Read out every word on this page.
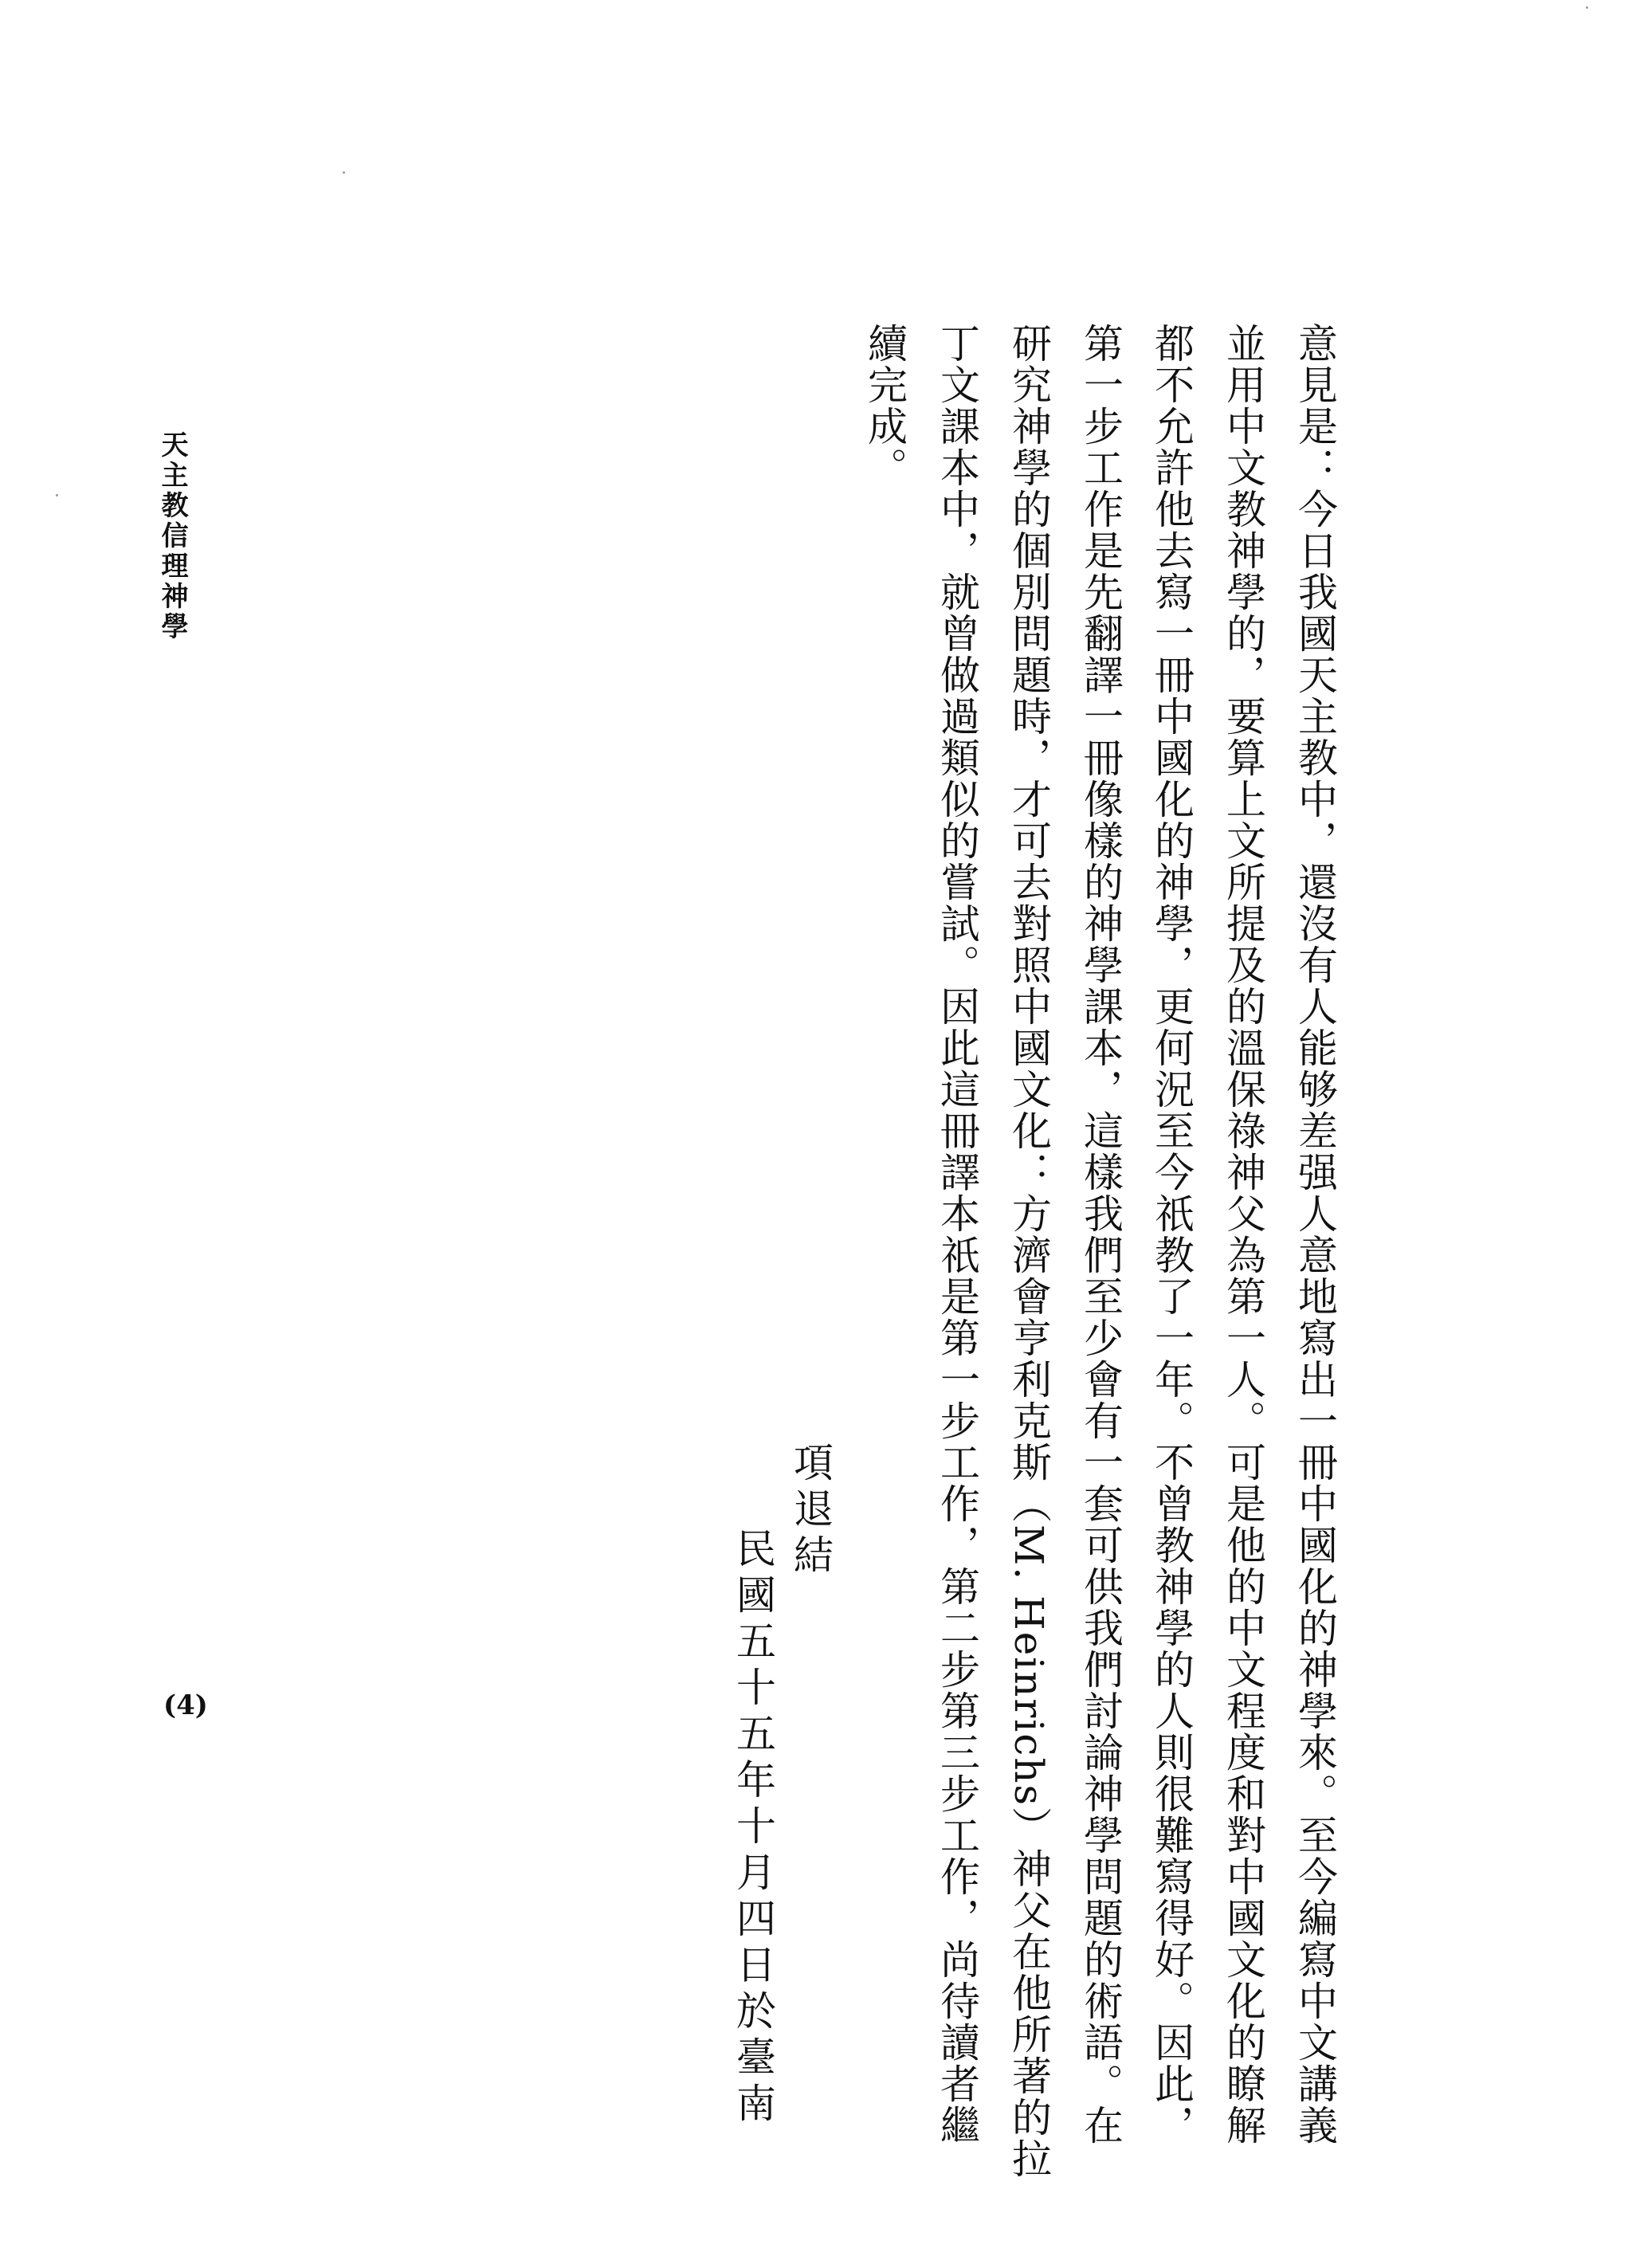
天主教信理神學
(4)	意見是：今日我國天主教中，還沒有人能够差强人意地寫出一冊中國化的神學來。至今編寫中文講義
並用中文教神學的，要算上文所提及的溫保祿神父為第一人。可是他的中文程度和對中國文化的瞭解
都不允許他去寫一冊中國化的神學，更何況至今祇教了一年。不曾教神學的人則很難寫得好。因此，
第一步工作是先翻譯一冊像樣的神學課本，這樣我們至少會有一套可供我們討論神學問題的術語。在
研究神學的個別問題時，才可去對照中國文化：方濟會亨利克斯（M. Heinrichs）神父在他所著的拉
丁文課本中，就曾做過類似的嘗試。因此這冊譯本祇是第一步工作，第二步第三步工作，尚待讀者繼
續完成。
項退結
民國五十五年十月四日於臺南
